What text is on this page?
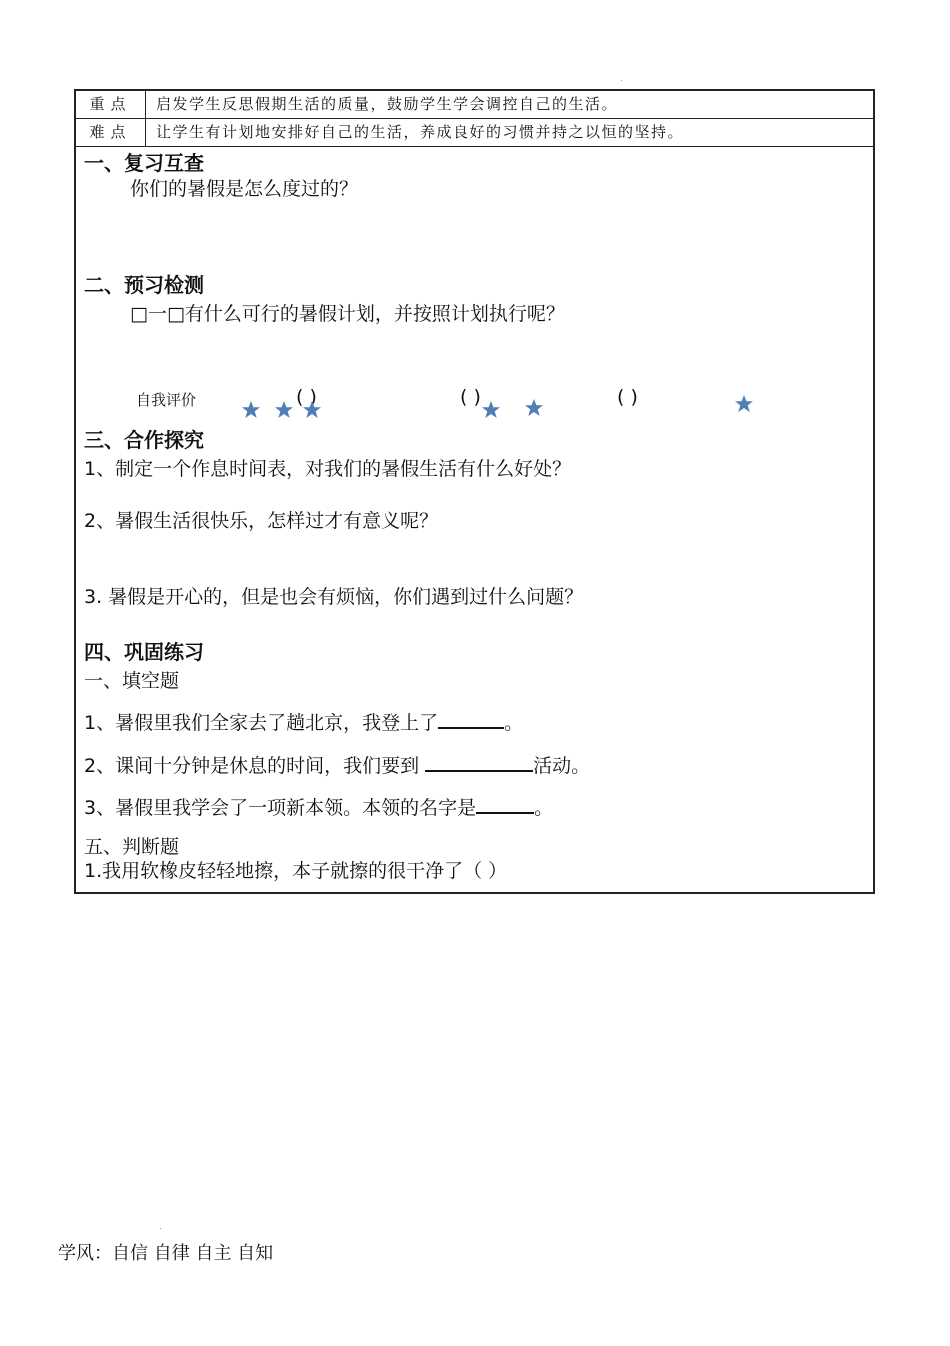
重点	启发学生反思假期生活的质量，鼓励学生学会调控自己的生活。
难点	让学生有计划地安排好自己的生活，养成良好的习惯并持之以恒的坚持。
一、复习互查
你们的暑假是怎么度过的？
二、预习检测
□一□有什么可行的暑假计划，并按照计划执行呢？
自我评价	( )	( )	( )
三、合作探究
1、制定一个作息时间表，对我们的暑假生活有什么好处？
2、暑假生活很快乐，怎样过才有意义呢？
3. 暑假是开心的，但是也会有烦恼，你们遇到过什么问题？
四、巩固练习
一、填空题
1、暑假里我们全家去了趟北京，我登上了	。
2、课间十分钟是休息的时间，我们要到	活动。
3、暑假里我学会了一项新本领。本领的名字是	。
五、判断题
1.我用软橡皮轻轻地擦，本子就擦的很干净了（ ）
学风：自信 自律 自主 自知
